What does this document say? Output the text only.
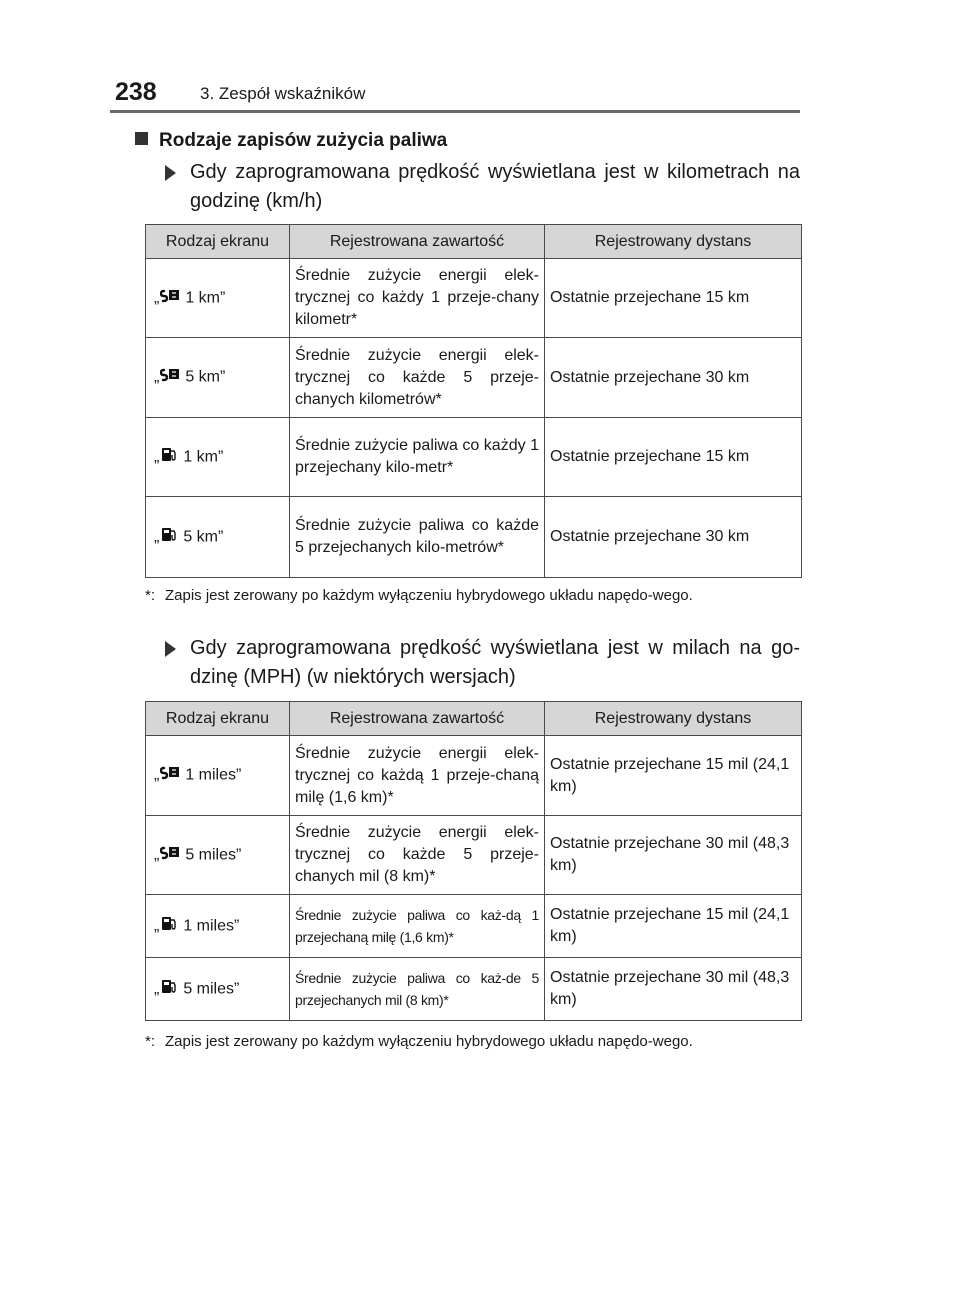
238	3. Zespół wskaźników
Rodzaje zapisów zużycia paliwa
Gdy zaprogramowana prędkość wyświetlana jest w kilometrach na godzinę (km/h)
Rodzaj ekranu	Rejestrowana zawartość	Rejestrowany dystans
„ 1 km”	Średnie zużycie energii elek-trycznej co każdy 1 przeje-chany kilometr*	Ostatnie przejechane 15 km
„ 5 km”	Średnie zużycie energii elek-trycznej co każde 5 przeje-chanych kilometrów*	Ostatnie przejechane 30 km
„ 1 km”	Średnie zużycie paliwa co każdy 1 przejechany kilo-metr*	Ostatnie przejechane 15 km
„ 5 km”	Średnie zużycie paliwa co każde 5 przejechanych kilo-metrów*	Ostatnie przejechane 30 km
*: Zapis jest zerowany po każdym wyłączeniu hybrydowego układu napędo-wego.
Gdy zaprogramowana prędkość wyświetlana jest w milach na go-dzinę (MPH) (w niektórych wersjach)
Rodzaj ekranu	Rejestrowana zawartość	Rejestrowany dystans
„ 1 miles”	Średnie zużycie energii elek-trycznej co każdą 1 przeje-chaną milę (1,6 km)*	Ostatnie przejechane 15 mil (24,1 km)
„ 5 miles”	Średnie zużycie energii elek-trycznej co każde 5 przeje-chanych mil (8 km)*	Ostatnie przejechane 30 mil (48,3 km)
„ 1 miles”	Średnie zużycie paliwa co każ-dą 1 przejechaną milę (1,6 km)*	Ostatnie przejechane 15 mil (24,1 km)
„ 5 miles”	Średnie zużycie paliwa co każ-de 5 przejechanych mil (8 km)*	Ostatnie przejechane 30 mil (48,3 km)
*: Zapis jest zerowany po każdym wyłączeniu hybrydowego układu napędo-wego.
